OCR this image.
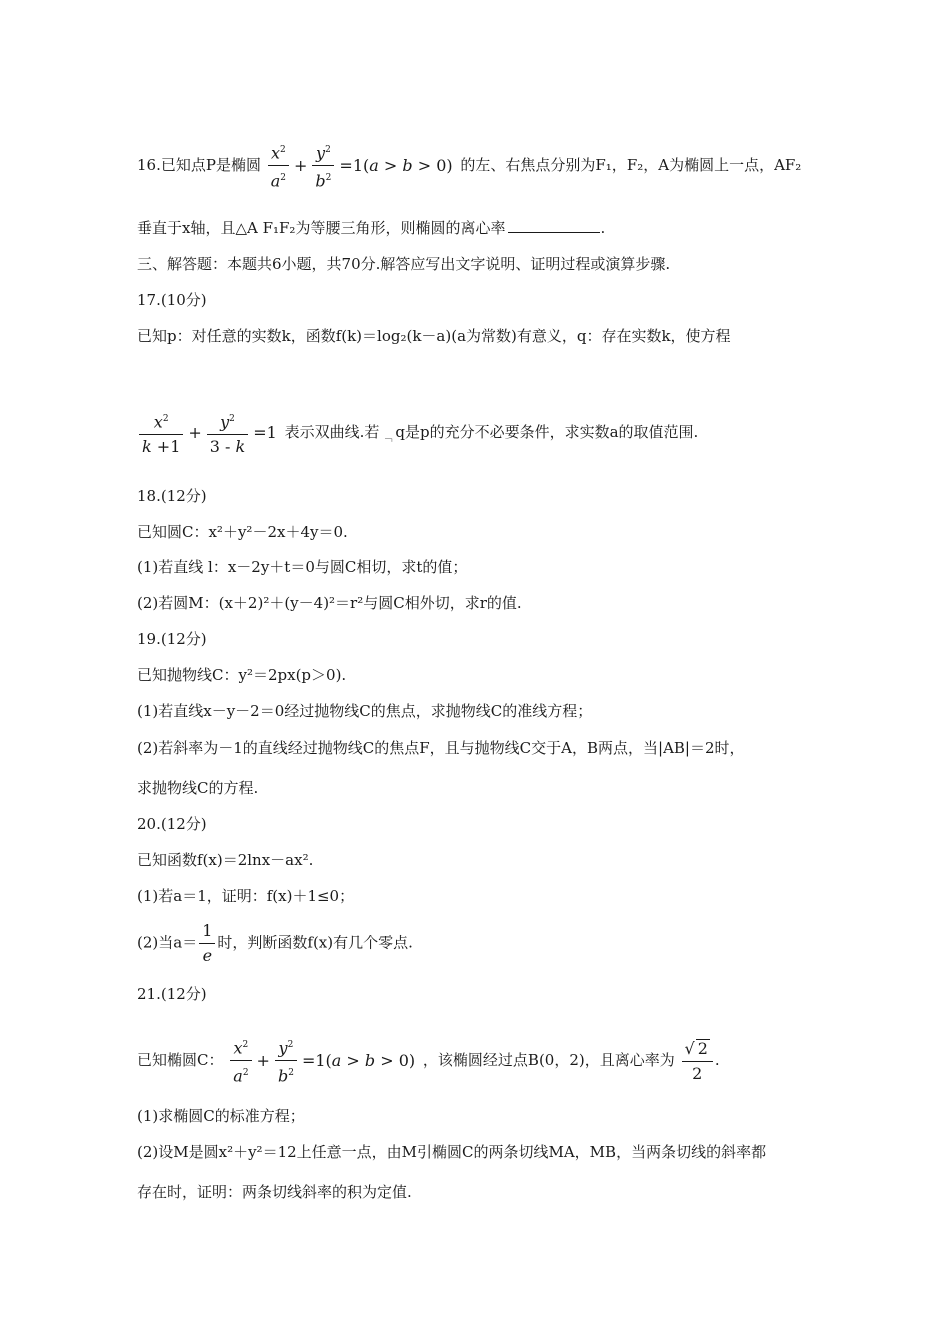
16.已知点P是椭圆 $\frac{x^2}{a^2} + \frac{y^2}{b^2} =1(a > b > 0)$ 的左、右焦点分别为F₁，F₂，A为椭圆上一点，AF₂
垂直于x轴，且△A F₁F₂为等腰三角形，则椭圆的离心率	.
三、解答题：本题共6小题，共70分.解答应写出文字说明、证明过程或演算步骤.
17.(10分)
已知p：对任意的实数k，函数f(k)＝log₂(k－a)(a为常数)有意义，q：存在实数k，使方程
$\frac{x^2}{k +1} + \frac{y^2}{3 - k} =1$ 表示双曲线.若 $_﹁$ q是p的充分不必要条件，求实数a的取值范围.
18.(12分)
已知圆C：x²＋y²－2x＋4y＝0.
(1)若直线 l：x－2y＋t＝0与圆C相切，求t的值；
(2)若圆M：(x＋2)²＋(y－4)²＝r²与圆C相外切，求r的值.
19.(12分)
已知抛物线C：y²＝2px(p＞0).
(1)若直线x－y－2＝0经过抛物线C的焦点，求抛物线C的准线方程；
(2)若斜率为－1的直线经过抛物线C的焦点F，且与抛物线C交于A，B两点，当|AB|＝2时，
求抛物线C的方程.
20.(12分)
已知函数f(x)＝2lnx－ax².
(1)若a＝1，证明：f(x)＋1≤0；
(2)当$a= \frac{1}{e}$ 时，判断函数f(x)有几个零点.
21.(12分)
已知椭圆C： $\frac{x^2}{a^2} + \frac{y^2}{b^2} =1(a > b > 0)$ ，该椭圆经过点B(0，2)，且离心率为 $\frac{√ 2}{2}$ .
(1)求椭圆C的标准方程；
(2)设M是圆x²＋y²＝12上任意一点，由M引椭圆C的两条切线MA，MB，当两条切线的斜率都
存在时，证明：两条切线斜率的积为定值.
